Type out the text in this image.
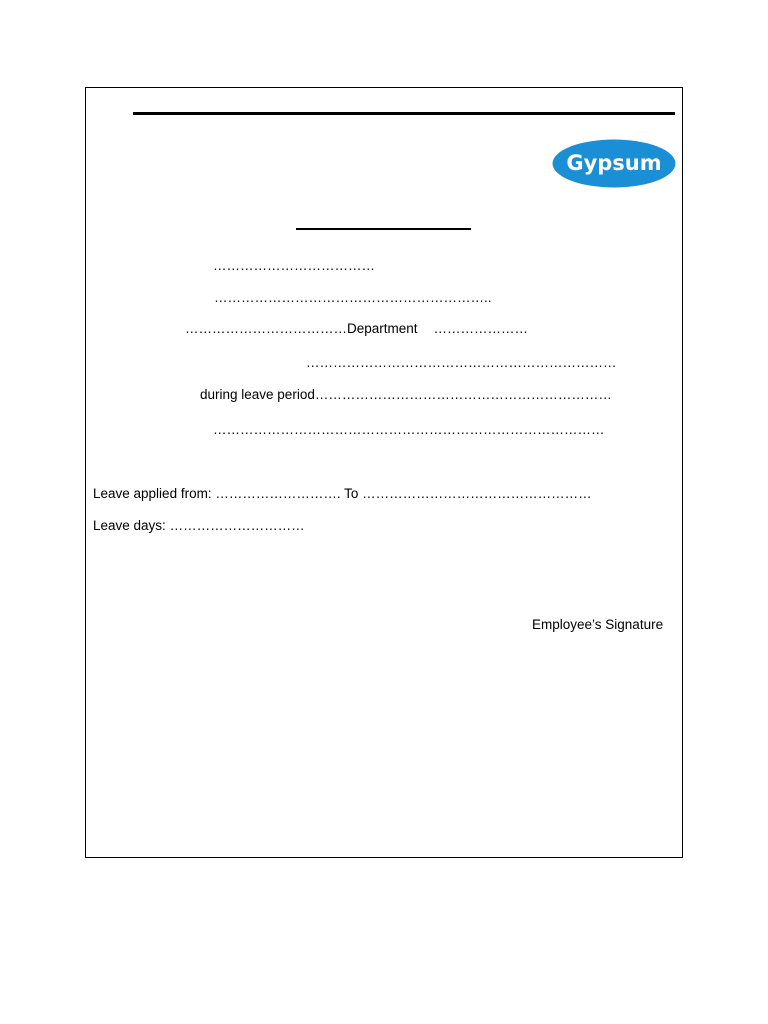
Gypsum
………………………………
……………………………………………………..
………………………………Department …………………
……………………………………………………………
during leave period…………………………………………………………
……………………………………………………………………………
Leave applied from: ………………………. To ……………………………………………
Leave days: …………………………
Employee’s Signature
